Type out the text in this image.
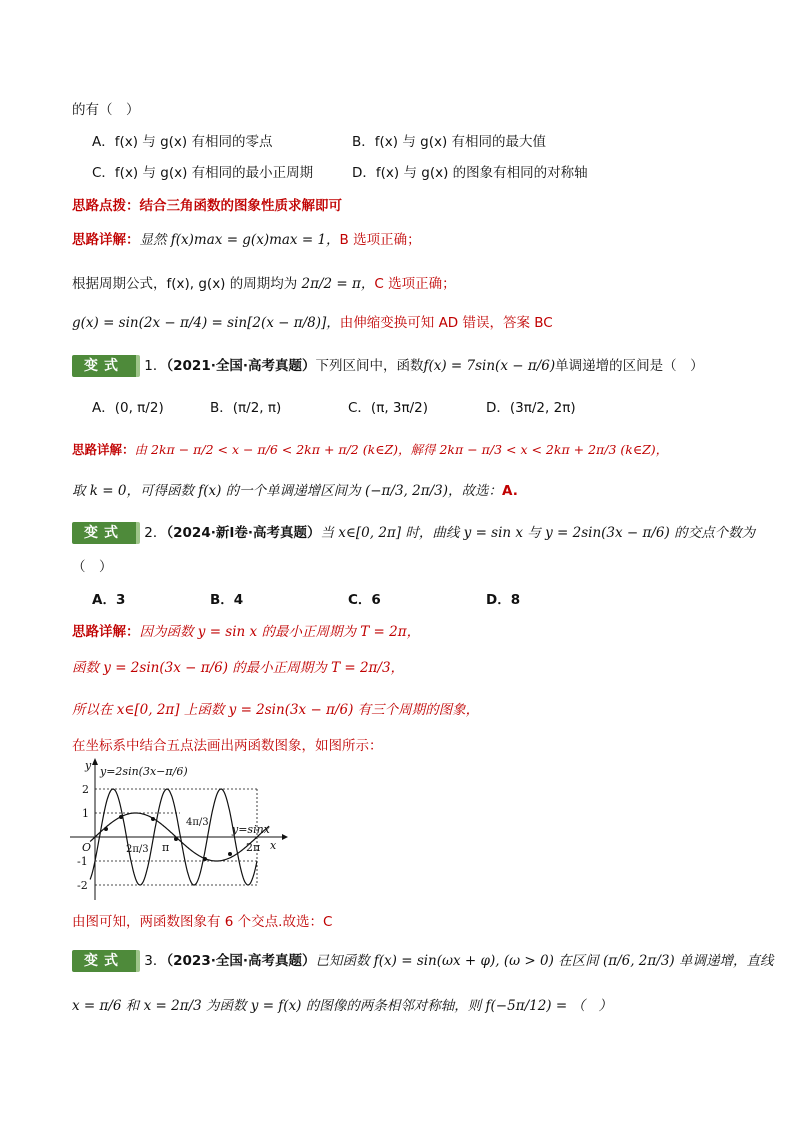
的有（　）
A．f(x) 与 g(x) 有相同的零点	B．f(x) 与 g(x) 有相同的最大值
C．f(x) 与 g(x) 有相同的最小正周期	D．f(x) 与 g(x) 的图象有相同的对称轴
思路点拨：结合三角函数的图象性质求解即可
思路详解：显然 f(x)max = g(x)max = 1，B 选项正确；
根据周期公式，f(x), g(x) 的周期均为 2π/2 = π，C 选项正确；
g(x) = sin(2x − π/4) = sin[2(x − π/8)]，由伸缩变换可知 AD 错误，答案 BC
变式 1．（2021·全国·高考真题）下列区间中，函数f(x) = 7sin(x − π/6)单调递增的区间是（　）
A．(0, π/2)	B．(π/2, π)	C．(π, 3π/2)	D．(3π/2, 2π)
思路详解：由 2kπ − π/2 < x − π/6 < 2kπ + π/2 (k∈Z)，解得 2kπ − π/3 < x < 2kπ + 2π/3 (k∈Z)，
取 k = 0，可得函数 f(x) 的一个单调递增区间为 (−π/3, 2π/3)，故选：A.
变式 2．（2024·新Ⅰ卷·高考真题）当 x∈[0, 2π] 时，曲线 y = sin x 与 y = 2sin(3x − π/6) 的交点个数为
（　）
A．3	B．4	C．6	D．8
思路详解：因为函数 y = sin x 的最小正周期为 T = 2π，
函数 y = 2sin(3x − π/6) 的最小正周期为 T = 2π/3，
所以在 x∈[0, 2π] 上函数 y = 2sin(3x − π/6) 有三个周期的图象，
在坐标系中结合五点法画出两函数图象，如图所示：
y y=2sin(3x−π/6)
2
1
-1
-2
O	2π/3 π
4π/3
y=sinx
2π x
由图可知，两函数图象有 6 个交点.故选：C
变式 3．（2023·全国·高考真题）已知函数 f(x) = sin(ωx + φ), (ω > 0) 在区间 (π/6, 2π/3) 单调递增，直线
x = π/6 和 x = 2π/3 为函数 y = f(x) 的图像的两条相邻对称轴，则 f(−5π/12) = （　）
